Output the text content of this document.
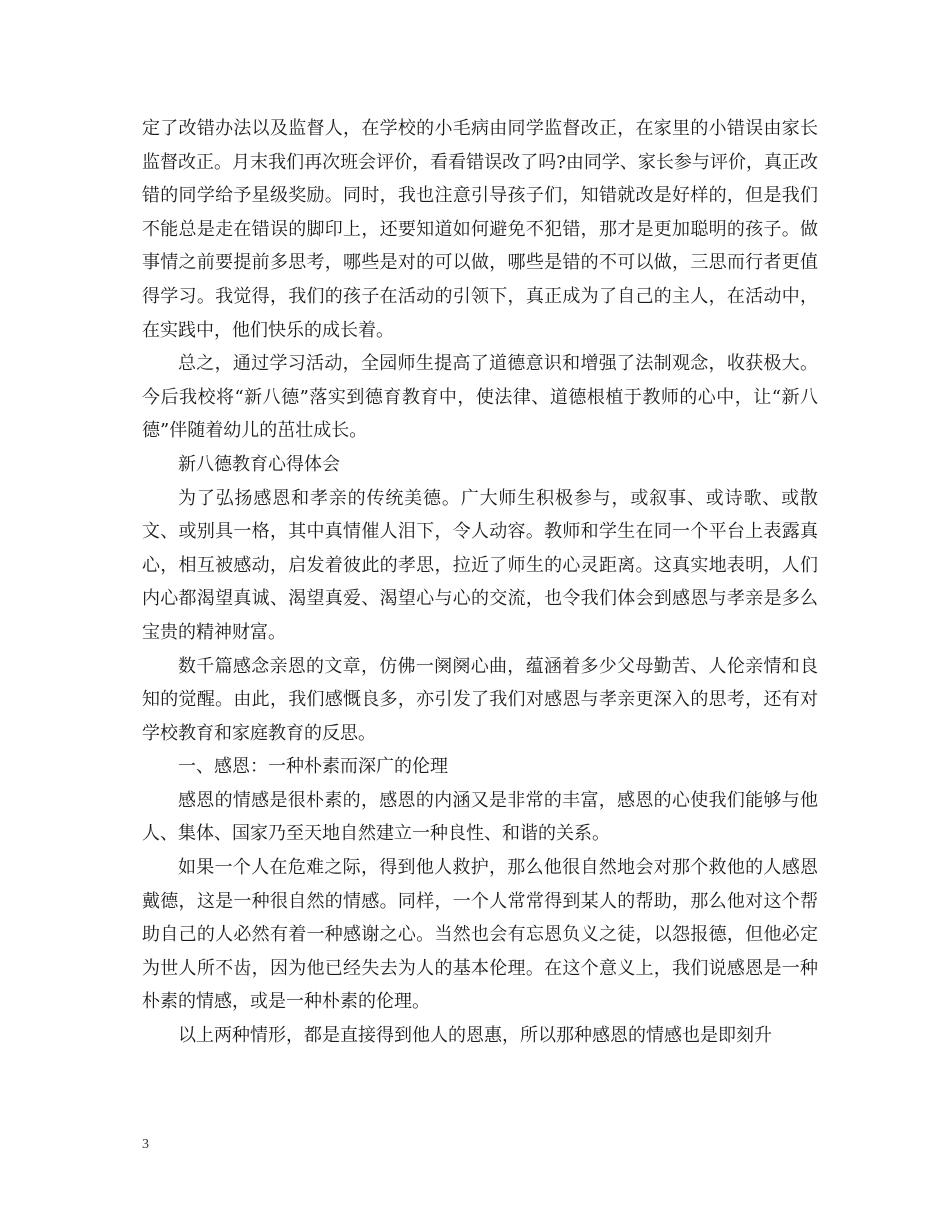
定了改错办法以及监督人，在学校的小毛病由同学监督改正，在家里的小错误由家长监督改正。月末我们再次班会评价，看看错误改了吗?由同学、家长参与评价，真正改错的同学给予星级奖励。同时，我也注意引导孩子们，知错就改是好样的，但是我们不能总是走在错误的脚印上，还要知道如何避免不犯错，那才是更加聪明的孩子。做事情之前要提前多思考，哪些是对的可以做，哪些是错的不可以做，三思而行者更值得学习。我觉得，我们的孩子在活动的引领下，真正成为了自己的主人，在活动中，在实践中，他们快乐的成长着。

总之，通过学习活动，全园师生提高了道德意识和增强了法制观念，收获极大。今后我校将“新八德”落实到德育教育中，使法律、道德根植于教师的心中，让“新八德”伴随着幼儿的茁壮成长。

新八德教育心得体会

为了弘扬感恩和孝亲的传统美德。广大师生积极参与，或叙事、或诗歌、或散文、或别具一格，其中真情催人泪下，令人动容。教师和学生在同一个平台上表露真心，相互被感动，启发着彼此的孝思，拉近了师生的心灵距离。这真实地表明，人们内心都渴望真诚、渴望真爱、渴望心与心的交流，也令我们体会到感恩与孝亲是多么宝贵的精神财富。

数千篇感念亲恩的文章，仿佛一阕阕心曲，蕴涵着多少父母勤苦、人伦亲情和良知的觉醒。由此，我们感慨良多，亦引发了我们对感恩与孝亲更深入的思考，还有对学校教育和家庭教育的反思。

一、感恩：一种朴素而深广的伦理

感恩的情感是很朴素的，感恩的内涵又是非常的丰富，感恩的心使我们能够与他人、集体、国家乃至天地自然建立一种良性、和谐的关系。

如果一个人在危难之际，得到他人救护，那么他很自然地会对那个救他的人感恩戴德，这是一种很自然的情感。同样，一个人常常得到某人的帮助，那么他对这个帮助自己的人必然有着一种感谢之心。当然也会有忘恩负义之徒，以怨报德，但他必定为世人所不齿，因为他已经失去为人的基本伦理。在这个意义上，我们说感恩是一种朴素的情感，或是一种朴素的伦理。

以上两种情形，都是直接得到他人的恩惠，所以那种感恩的情感也是即刻升

3
